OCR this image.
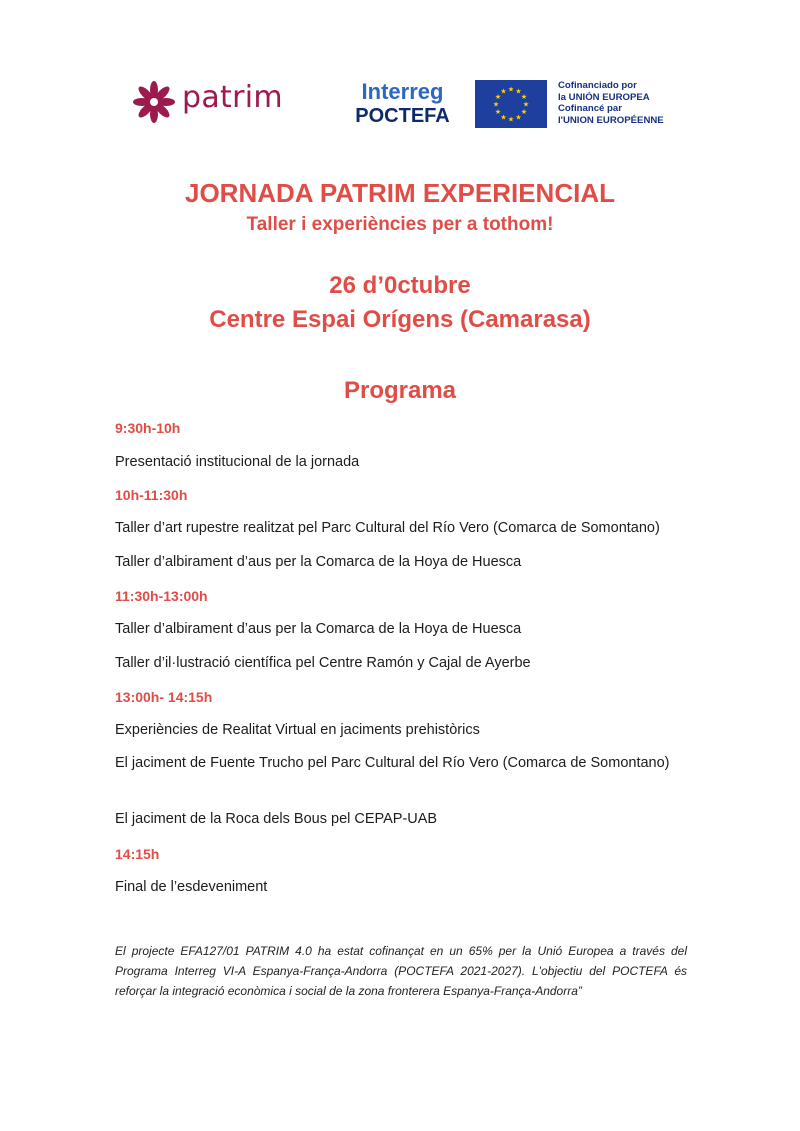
patrim	Interreg
POCTEFA
★ ★
★
★
★
★
★
★
★
★
★
★
Cofinanciado por
la UNIÓN EUROPEA
Cofinancé par
l'UNION EUROPÉENNE
JORNADA PATRIM EXPERIENCIAL
Taller i experiències per a tothom!
26 d’0ctubre
Centre Espai Orígens (Camarasa)
Programa
9:30h-10h
Presentació institucional de la jornada
10h-11:30h
Taller d’art rupestre realitzat pel Parc Cultural del Río Vero (Comarca de Somontano)
Taller d’albirament d’aus per la Comarca de la Hoya de Huesca
11:30h-13:00h
Taller d’albirament d’aus per la Comarca de la Hoya de Huesca
Taller d’il·lustració científica pel Centre Ramón y Cajal de Ayerbe
13:00h- 14:15h
Experiències de Realitat Virtual en jaciments prehistòrics
El jaciment de Fuente Trucho pel Parc Cultural del Río Vero (Comarca de Somontano)
El jaciment de la Roca dels Bous pel CEPAP-UAB
14:15h
Final de l’esdeveniment
El projecte EFA127/01 PATRIM 4.0 ha estat cofinançat en un 65% per la Unió Europea a través del Programa Interreg VI-A Espanya-França-Andorra (POCTEFA 2021-2027). L'objectiu del POCTEFA és reforçar la integració econòmica i social de la zona fronterera Espanya-França-Andorra”
